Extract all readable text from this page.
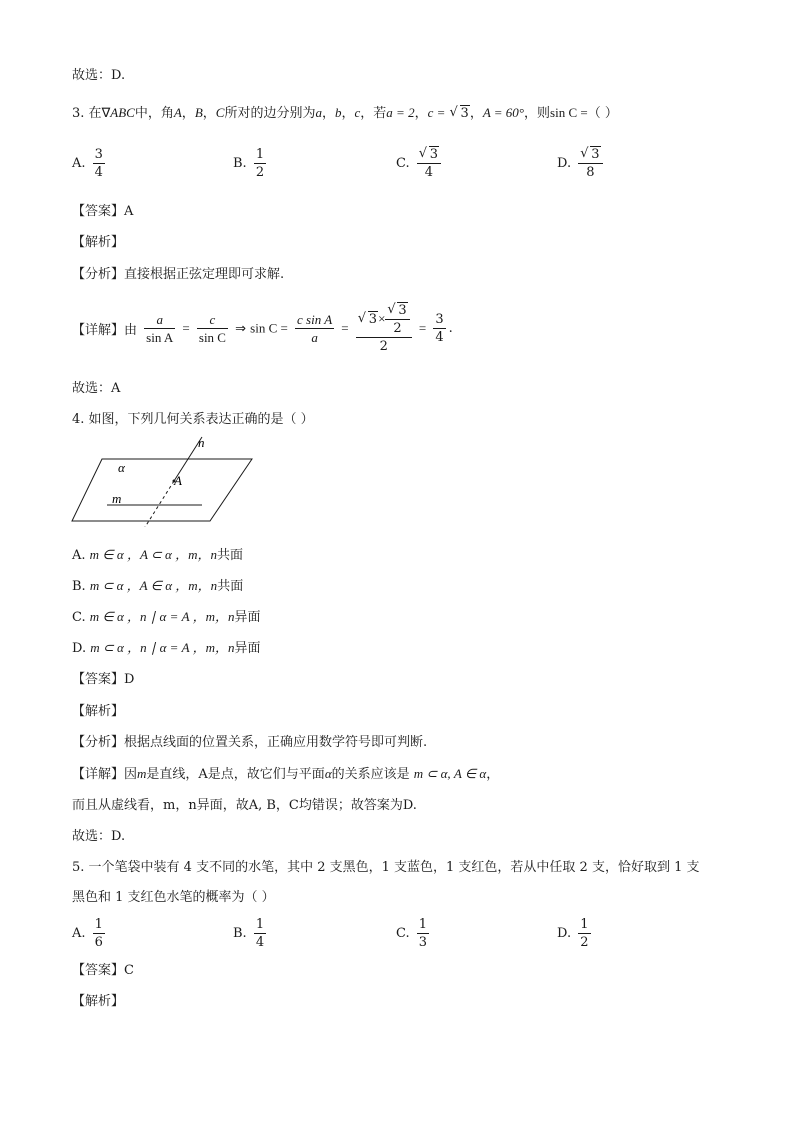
故选：D.
3. 在∇ABC中，角A，B，C所对的边分别为a，b，c，若a = 2，c = √ 3，A = 60°，则sin C =（ ）
A. $\frac{3}{4}$	B. $\frac{1}{2}$	C.
√ $\frac{3}{4}$	D.
√ $\frac{3}{8}$
【答案】A
【解析】
【分析】直接根据正弦定理即可求解.
【详解】由 $\frac{a}{\text{sin A}} = \frac{c}{\text{sin C}}$ ⇒ $\sin C = \frac{\text{c sin A}}{a}$ =
√ 3×
√ $\frac{3}{2}$
$2 = \frac{3}{4}$ .
故选：A
4. 如图，下列几何关系表达正确的是（ ）
n
α
A
m
A. m ∈ α ，A ⊂ α ，m，n共面
B. m ⊂ α ，A ∈ α ，m，n共面
C. m ∈ α ，n ∣ α = A ，m，n异面
D. m ⊂ α ，n ∣ α = A ，m，n异面
【答案】D
【解析】
【分析】根据点线面的位置关系，正确应用数学符号即可判断.
【详解】因m是直线，A是点，故它们与平面α的关系应该是 m ⊂ α, A ∈ α，
而且从虚线看，m，n异面，故A, B，C均错误；故答案为D.
故选：D.
5. 一个笔袋中装有 4 支不同的水笔，其中 2 支黑色，1 支蓝色，1 支红色，若从中任取 2 支，恰好取到 1 支
黑色和 1 支红色水笔的概率为（ ）
A. $\frac{1}{6}$	B. $\frac{1}{4}$	C. $\frac{1}{3}$	D. $\frac{1}{2}$
【答案】C
【解析】
